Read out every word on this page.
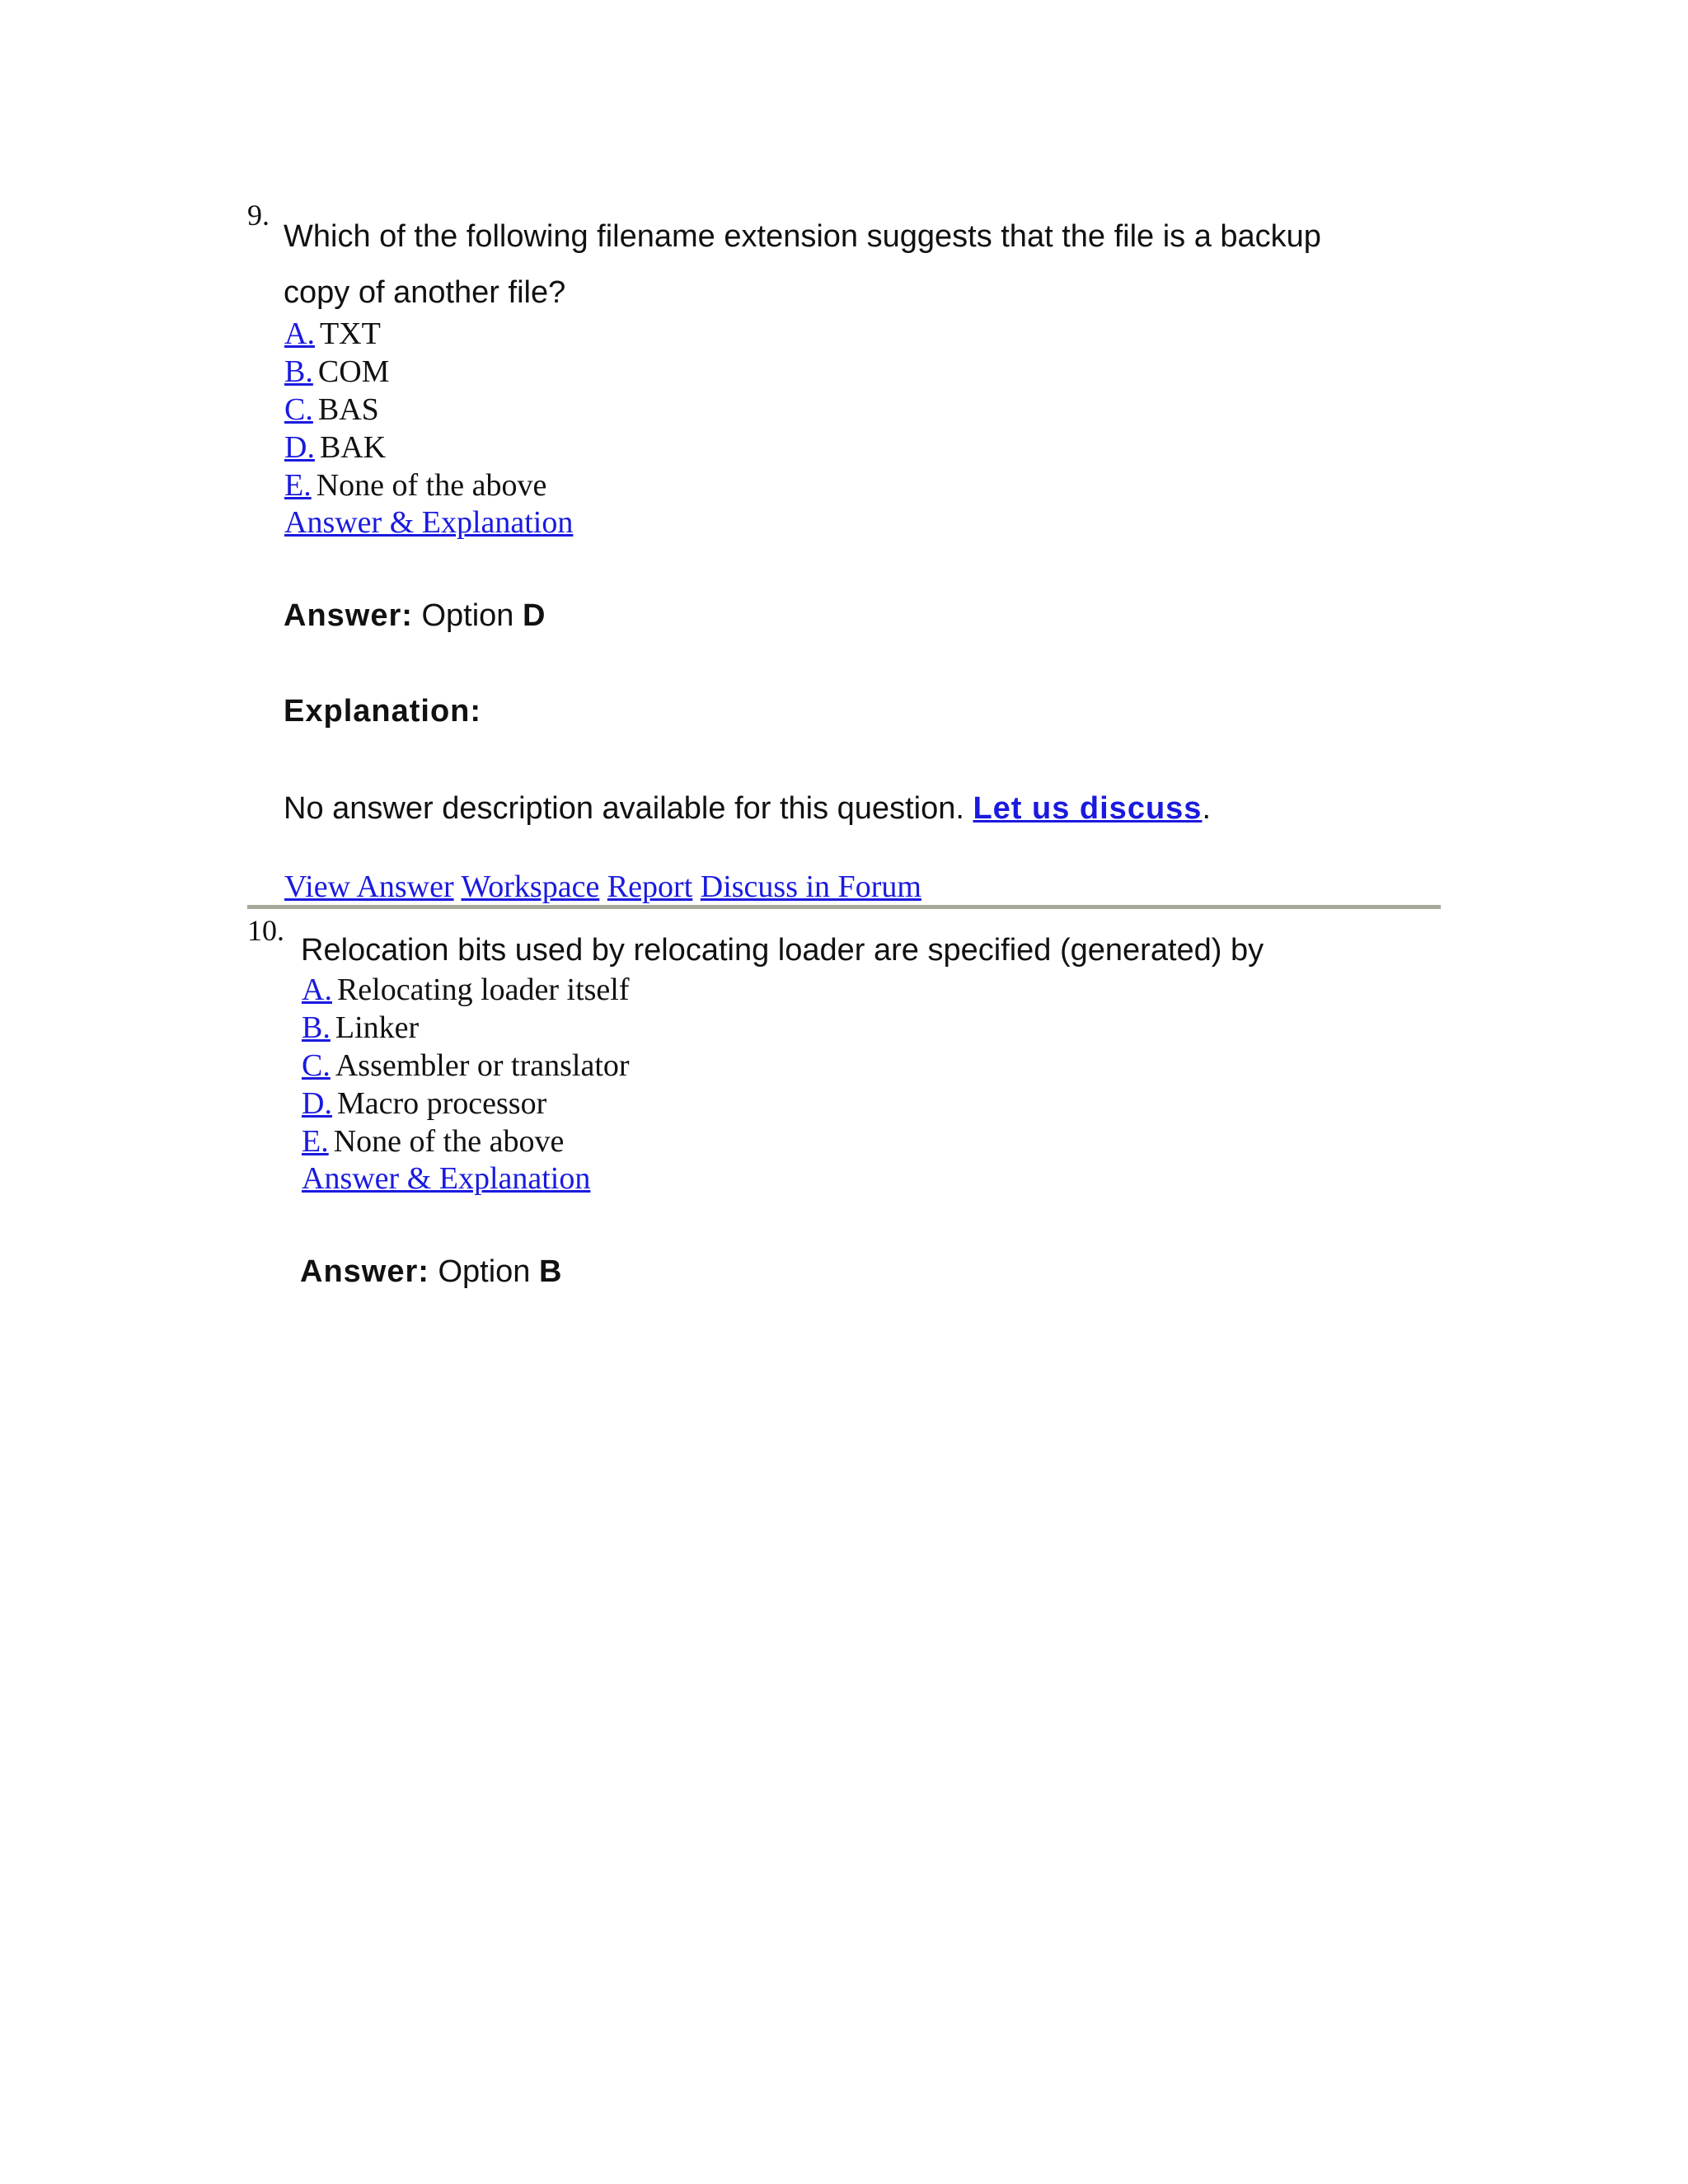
9.
Which of the following filename extension suggests that the file is a backup
copy of another file?
A. TXT
B. COM
C. BAS
D. BAK
E. None of the above
Answer & Explanation
Answer: Option D
Explanation:
No answer description available for this question. Let us discuss.
View Answer Workspace Report Discuss in Forum
10.
Relocation bits used by relocating loader are specified (generated) by
A. Relocating loader itself
B. Linker
C. Assembler or translator
D. Macro processor
E. None of the above
Answer & Explanation
Answer: Option B
